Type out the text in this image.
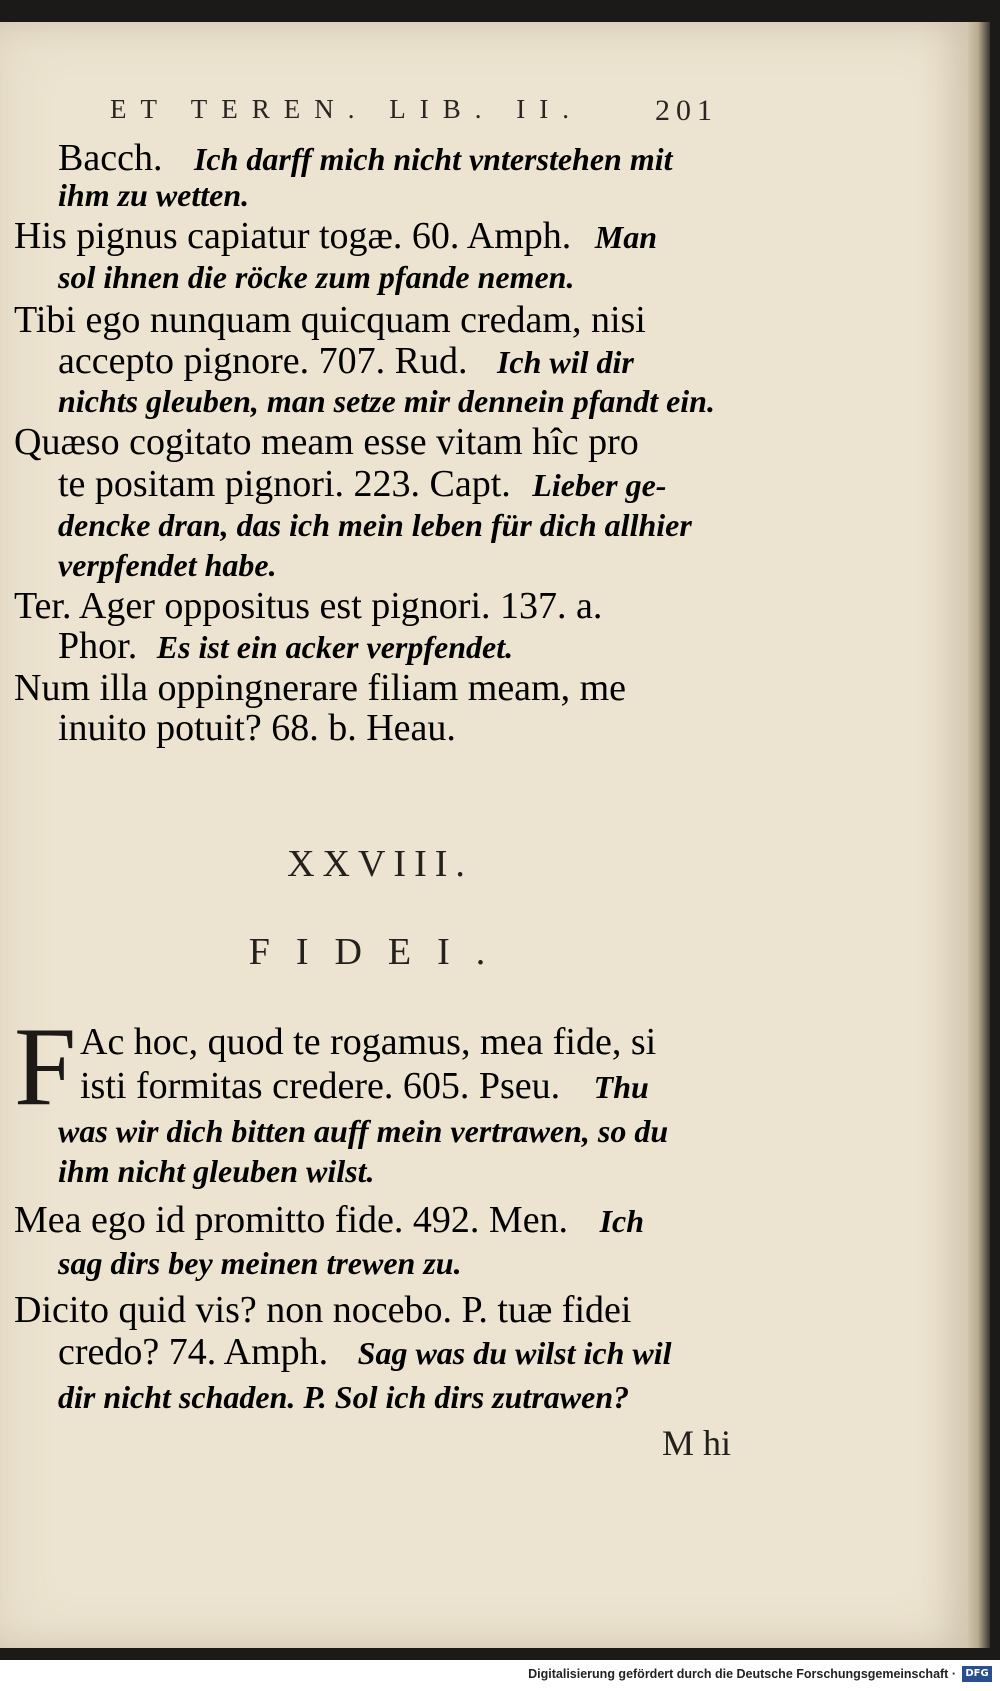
ET TEREN. LIB. II.	201
Bacch. Ich darff mich nicht vnterstehen mit
ihm zu wetten.
His pignus capiatur togæ. 60. Amph. Man
sol ihnen die röcke zum pfande nemen.
Tibi ego nunquam quicquam credam, nisi
accepto pignore. 707. Rud. Ich wil dir
nichts gleuben, man setze mir dennein pfandt ein.
Quæso cogitato meam esse vitam hîc pro
te positam pignori. 223. Capt. Lieber ge-
dencke dran, das ich mein leben für dich allhier
verpfendet habe.
Ter. Ager oppositus est pignori. 137. a.
Phor. Es ist ein acker verpfendet.
Num illa oppingnerare filiam meam, me
inuito potuit? 68. b. Heau.
XXVIII.
FIDEI.
F Ac hoc, quod te rogamus, mea fide, si
isti formitas credere. 605. Pseu. Thu
was wir dich bitten auff mein vertrawen, so du
ihm nicht gleuben wilst.
Mea ego id promitto fide. 492. Men. Ich
sag dirs bey meinen trewen zu.
Dicito quid vis? non nocebo. P. tuæ fidei
credo? 74. Amph. Sag was du wilst ich wil
dir nicht schaden. P. Sol ich dirs zutrawen?
M hi
Digitalisierung gefördert durch die Deutsche Forschungsgemeinschaft · DFG
